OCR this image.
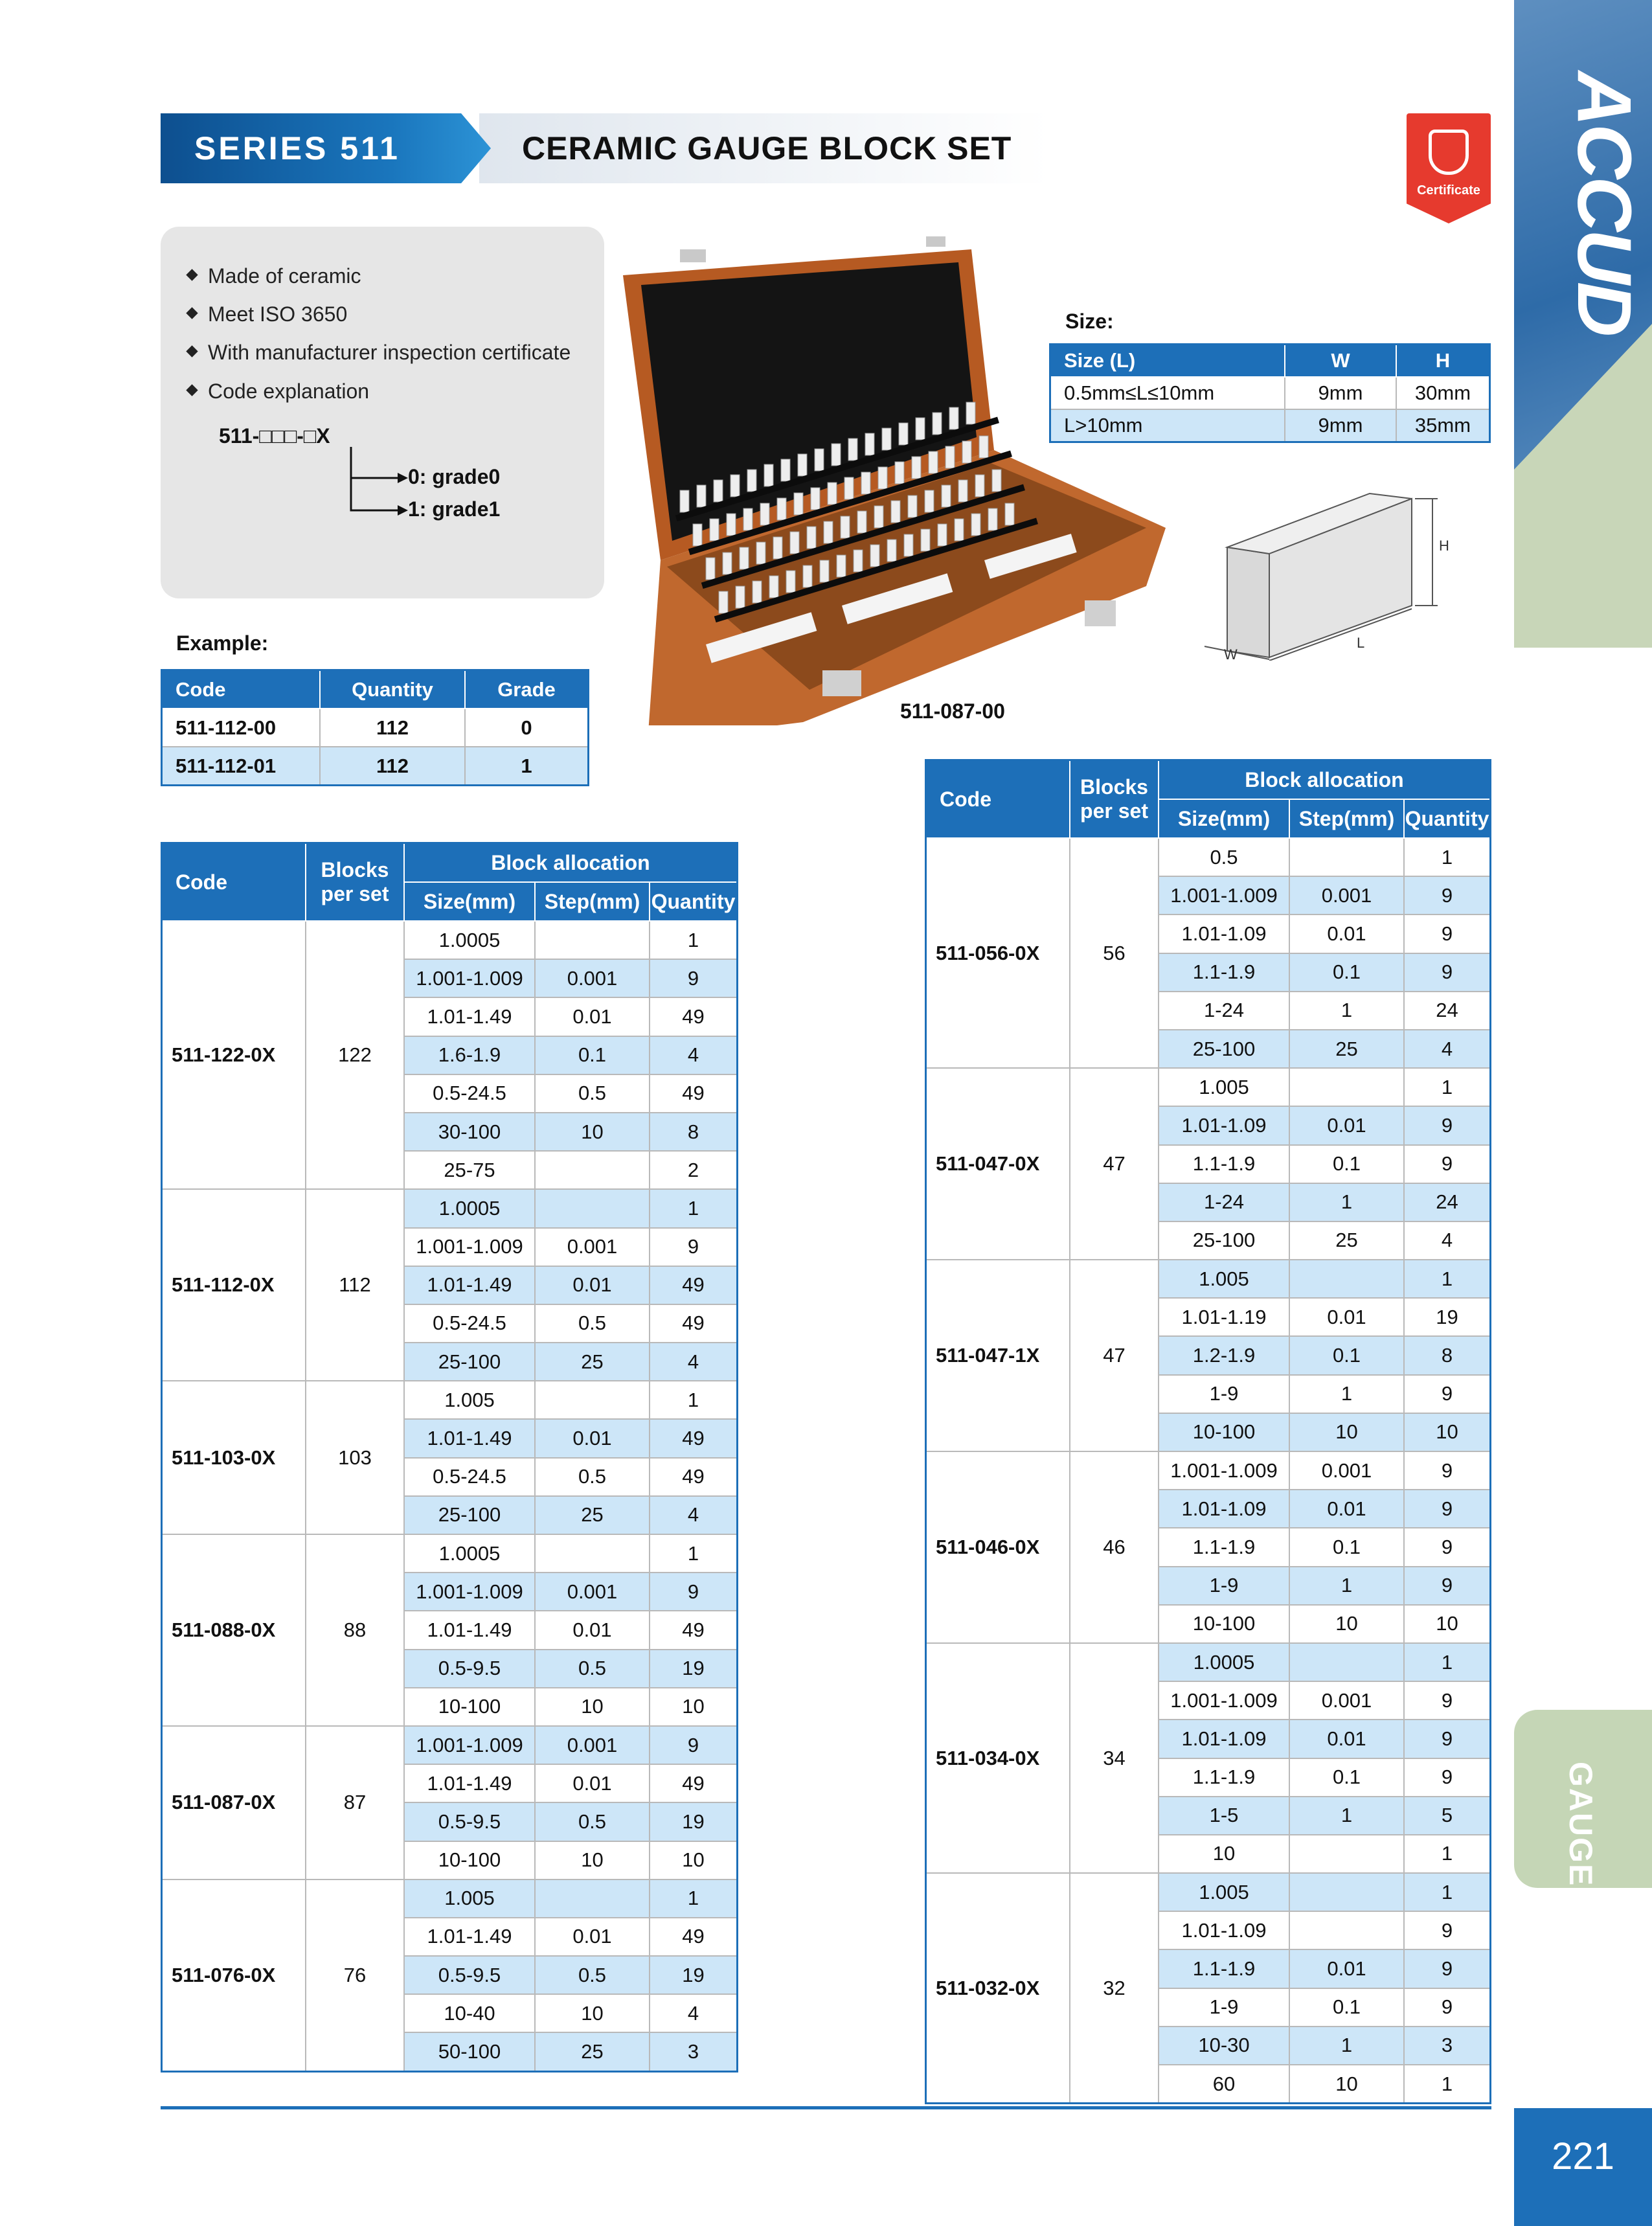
ACCUD
GAUGE
221
SERIES 511	CERAMIC GAUGE BLOCK SET
Certificate
Made of ceramic
Meet ISO 3650
With manufacturer inspection certificate
Code explanation
511-□□□-□X
0: grade0
1: grade1
511-087-00
Size:
Size (L)	W	H
0.5mm≤L≤10mm	9mm	30mm
L>10mm	9mm	35mm
H
W
L
Example:
Code	Quantity	Grade
511-112-00	112	0
511-112-01	112	1
Code	Blocks per set	Block allocation		
		Size(mm)	Step(mm)	Quantity
511-122-0X	122	1.0005		1
		1.001-1.009	0.001	9
		1.01-1.49	0.01	49
		1.6-1.9	0.1	4
		0.5-24.5	0.5	49
		30-100	10	8
		25-75		2
511-112-0X	112	1.0005		1
		1.001-1.009	0.001	9
		1.01-1.49	0.01	49
		0.5-24.5	0.5	49
		25-100	25	4
511-103-0X	103	1.005		1
		1.01-1.49	0.01	49
		0.5-24.5	0.5	49
		25-100	25	4
511-088-0X	88	1.0005		1
		1.001-1.009	0.001	9
		1.01-1.49	0.01	49
		0.5-9.5	0.5	19
		10-100	10	10
511-087-0X	87	1.001-1.009	0.001	9
		1.01-1.49	0.01	49
		0.5-9.5	0.5	19
		10-100	10	10
511-076-0X	76	1.005		1
		1.01-1.49	0.01	49
		0.5-9.5	0.5	19
		10-40	10	4
		50-100	25	3
Code	Blocks per set	Block allocation		
		Size(mm)	Step(mm)	Quantity
511-056-0X	56	0.5		1
		1.001-1.009	0.001	9
		1.01-1.09	0.01	9
		1.1-1.9	0.1	9
		1-24	1	24
		25-100	25	4
511-047-0X	47	1.005		1
		1.01-1.09	0.01	9
		1.1-1.9	0.1	9
		1-24	1	24
		25-100	25	4
511-047-1X	47	1.005		1
		1.01-1.19	0.01	19
		1.2-1.9	0.1	8
		1-9	1	9
		10-100	10	10
511-046-0X	46	1.001-1.009	0.001	9
		1.01-1.09	0.01	9
		1.1-1.9	0.1	9
		1-9	1	9
		10-100	10	10
511-034-0X	34	1.0005		1
		1.001-1.009	0.001	9
		1.01-1.09	0.01	9
		1.1-1.9	0.1	9
		1-5	1	5
		10		1
511-032-0X	32	1.005		1
		1.01-1.09		9
		1.1-1.9	0.01	9
		1-9	0.1	9
		10-30	1	3
		60	10	1
